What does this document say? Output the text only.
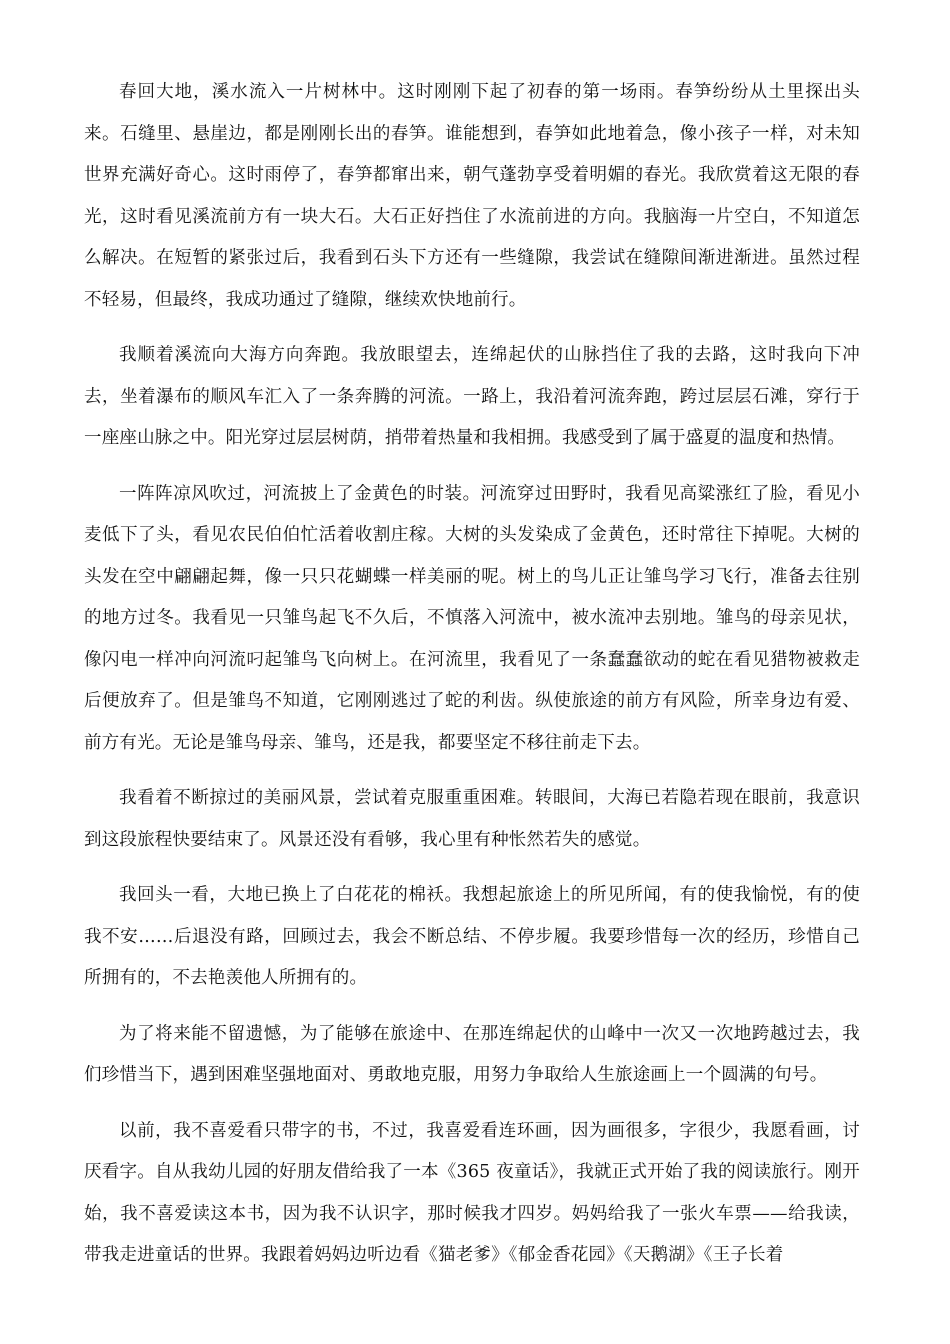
春回大地，溪水流入一片树林中。这时刚刚下起了初春的第一场雨。春笋纷纷从土里探出头来。石缝里、悬崖边，都是刚刚长出的春笋。谁能想到，春笋如此地着急，像小孩子一样，对未知世界充满好奇心。这时雨停了，春笋都窜出来，朝气蓬勃享受着明媚的春光。我欣赏着这无限的春光，这时看见溪流前方有一块大石。大石正好挡住了水流前进的方向。我脑海一片空白，不知道怎么解决。在短暂的紧张过后，我看到石头下方还有一些缝隙，我尝试在缝隙间渐进渐进。虽然过程不轻易，但最终，我成功通过了缝隙，继续欢快地前行。

我顺着溪流向大海方向奔跑。我放眼望去，连绵起伏的山脉挡住了我的去路，这时我向下冲去，坐着瀑布的顺风车汇入了一条奔腾的河流。一路上，我沿着河流奔跑，跨过层层石滩，穿行于一座座山脉之中。阳光穿过层层树荫，捎带着热量和我相拥。我感受到了属于盛夏的温度和热情。

一阵阵凉风吹过，河流披上了金黄色的时装。河流穿过田野时，我看见高粱涨红了脸，看见小麦低下了头，看见农民伯伯忙活着收割庄稼。大树的头发染成了金黄色，还时常往下掉呢。大树的头发在空中翩翩起舞，像一只只花蝴蝶一样美丽的呢。树上的鸟儿正让雏鸟学习飞行，准备去往别的地方过冬。我看见一只雏鸟起飞不久后，不慎落入河流中，被水流冲去别地。雏鸟的母亲见状，像闪电一样冲向河流叼起雏鸟飞向树上。在河流里，我看见了一条蠢蠢欲动的蛇在看见猎物被救走后便放弃了。但是雏鸟不知道，它刚刚逃过了蛇的利齿。纵使旅途的前方有风险，所幸身边有爱、前方有光。无论是雏鸟母亲、雏鸟，还是我，都要坚定不移往前走下去。

我看着不断掠过的美丽风景，尝试着克服重重困难。转眼间，大海已若隐若现在眼前，我意识到这段旅程快要结束了。风景还没有看够，我心里有种怅然若失的感觉。

我回头一看，大地已换上了白花花的棉袄。我想起旅途上的所见所闻，有的使我愉悦，有的使我不安……后退没有路，回顾过去，我会不断总结、不停步履。我要珍惜每一次的经历，珍惜自己所拥有的，不去艳羡他人所拥有的。

为了将来能不留遗憾，为了能够在旅途中、在那连绵起伏的山峰中一次又一次地跨越过去，我们珍惜当下，遇到困难坚强地面对、勇敢地克服，用努力争取给人生旅途画上一个圆满的句号。

以前，我不喜爱看只带字的书，不过，我喜爱看连环画，因为画很多，字很少，我愿看画，讨厌看字。自从我幼儿园的好朋友借给我了一本《365 夜童话》，我就正式开始了我的阅读旅行。刚开始，我不喜爱读这本书，因为我不认识字，那时候我才四岁。妈妈给我了一张火车票——给我读，带我走进童话的世界。我跟着妈妈边听边看《猫老爹》《郁金香花园》《天鹅湖》《王子长着
